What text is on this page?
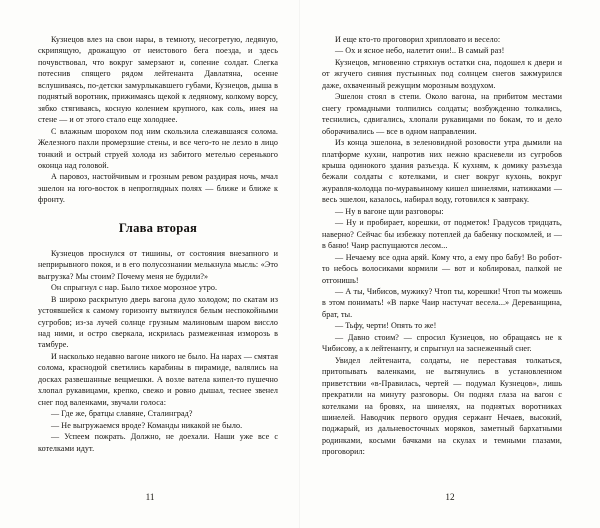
Кузнецов влез на свои нары, в темноту, несогретую, ледяную, скрипящую, дрожащую от неистового бега поезда, и здесь почувствовал, что вокруг замерзают и, сопение солдат. Слегка потеснив спящего рядом лейтенанта Давлатяна, осенне вслушиваясь, по-детски замурлыкавшего губами, Кузнецов, дыша в поднятый воротник, прижимаясь щекой к ледяному, колкому ворсу, зябко стягиваясь, косную колением крупного, как соль, инея на стене — и от этого стало еще холоднее.

С влажным шорохом под ним скользила слежавшаяся солома. Железного пахли промерзшие стены, и все чего-то не лезло в лицо тонкий и острый струей холода из забитого метелью серенького оконца над головой.

А паровоз, настойчивым и грозным ревом раздирая ночь, мчал эшелон на юго-восток в непроглядных полях — ближе и ближе к фронту.

Глава вторая

Кузнецов проснулся от тишины, от состояния внезапного и неприрывного покоя, и в его полусознании мелькнула мысль: «Это выгрузка? Мы стоим? Почему меня не будили?»

Он спрыгнул с нар. Было тихое морозное утро.

В широко раскрытую дверь вагона дуло холодом; по скатам из устоявшейся к самому горизонту вытянулся белым неспокойными сугробов; из-за лучей солнце грузным малиновым шаром виссло над ними, и остро сверкала, искрилась размеженная изморозь в тамбуре.

И насколько недавно вагоне никого не было. На нарах — смятая солома, краснодюй светились карабины в пирамиде, валялись на досках развешанные вещмешки. А возле ватела кипел-то пушечно хлопал рукавицами, крепко, свежо и ровно дышал, теснее звенел снег под валенками, звучали голоса:

— Где же, братцы славяне, Сталинград?

— Не выгружаемся вроде? Команды никакой не было.

— Успеем пожрать. Должно, не доехали. Наши уже все с котелками идут.

11

И еще кто-то проговорил хрипловато и весело:

— Ох и ясное небо, налетит они!.. В самый раз!

Кузнецов, мгновенно стряхнув остатки сна, подошел к двери и от жгучего сияния пустынных под солнцем снегов зажмурился даже, охваченный режущим морозным воздухом.

Эшелон стоял в степи. Около вагона, на прибитом местами снегу громадными толпились солдаты; возбужденно толкались, теснились, сдвигались, хлопали рукавицами по бокам, то и дело оборачивались — все в одном направлении.

Из конца эшелона, в зеленовидной розовости утра дымили на платформе кухни, напротив них нежно красневели из сугробов крыша одинокого здания разъезда. К кухням, к домику разъезда бежали солдаты с котелками, и снег вокруг кухонь, вокруг журавля-колодца по-муравьиному кишел шинелями, натижками — весь эшелон, казалось, набирал воду, готовился к завтраку.

— Ну в вагоне щли разговоры:

— Ну и пробирает, корешки, от подметок! Градусов тридцать, наверно? Сейчас бы избежку потеплей да бабенку поскомлей, и — в баню! Чаир распущаются лесом...

— Нечаему все одна аряй. Кому что, а ему про бабу! Во робот-то небось волосиками кормили — вот и коблировал, палкой не отгонишь!

— А ты, Чибисов, мужику? Чтоп ты, корешки! Чтоп ты можешь в этом понимать! «В парке Чаир настучат весела...» Дереванщина, брат, ты.

— Тьфу, черти! Опять то же!

— Давно стоим? — спросил Кузнецов, но обращаясь не к Чибисову, а к лейтенанту, и спрыгнул на заснеженный снег.

Увидел лейтенанта, солдаты, не переставая толкаться, притопывать валенками, не вытянулись в установленном приветствии «в-Правилась, чертей — подумал Кузнецов», лишь прекратили на минуту разговоры. Он поднял глаза на вагон с котелками на бровях, на шинелях, на поднятых воротниках шинелей. Наводчик первого орудия сержант Нечаев, высокий, поджарый, из дальневосточных моряков, заметный бархатными родинками, косыми бачками на скулах и темными глазами, проговорил:

12
